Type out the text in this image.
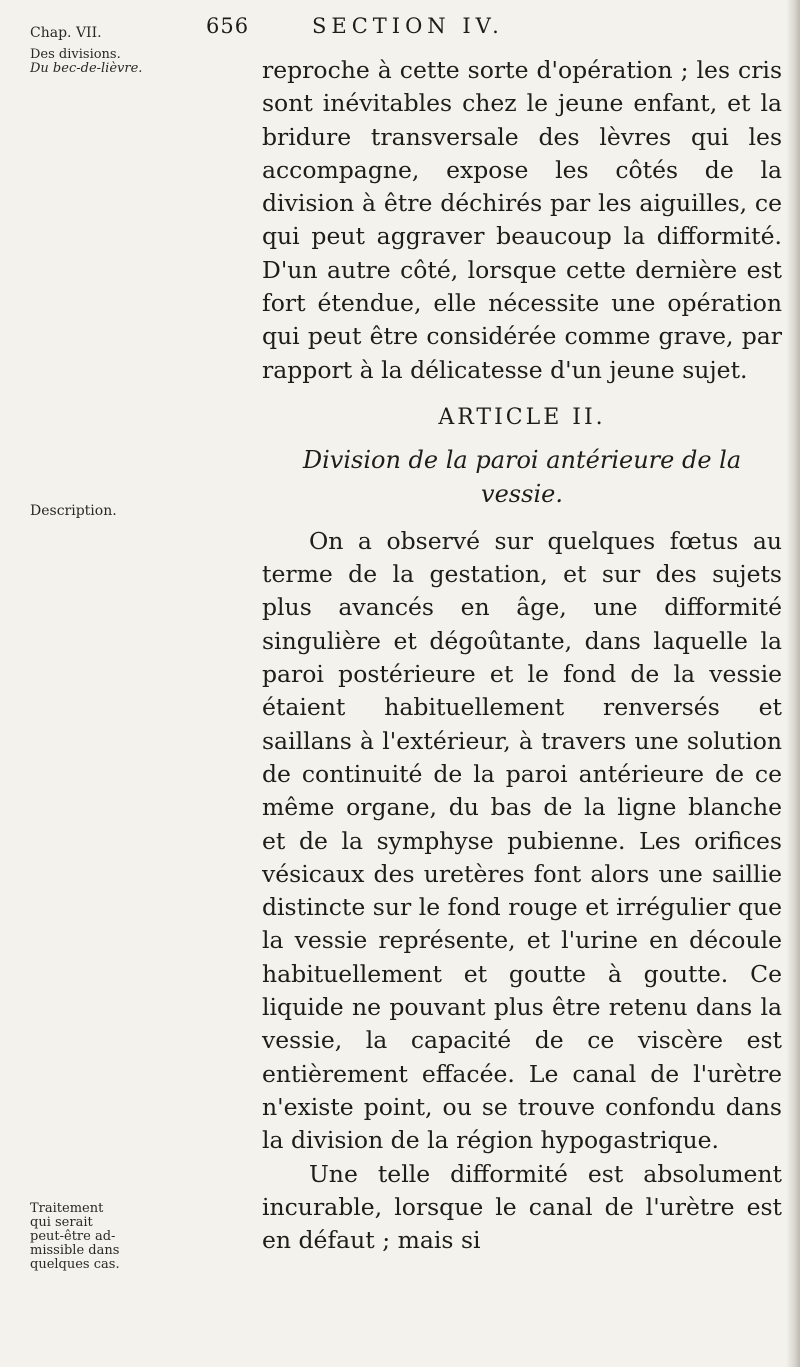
656	SECTION IV.
Chap. VII.
Des divisions.
Du bec-de-lièvre.
Description.
Traitement
qui serait
peut-être ad-
missible dans
quelques cas.

reproche à cette sorte d'opération ; les cris sont inévitables chez le jeune enfant, et la bridure transversale des lèvres qui les accompagne, expose les côtés de la division à être déchirés par les aiguilles, ce qui peut aggraver beaucoup la difformité. D'un autre côté, lorsque cette dernière est fort étendue, elle nécessite une opération qui peut être considérée comme grave, par rapport à la délicatesse d'un jeune sujet.

ARTICLE II.
Division de la paroi antérieure de la vessie.

On a observé sur quelques fœtus au terme de la gestation, et sur des sujets plus avancés en âge, une difformité singulière et dégoûtante, dans laquelle la paroi postérieure et le fond de la vessie étaient habituellement renversés et saillans à l'extérieur, à travers une solution de continuité de la paroi antérieure de ce même organe, du bas de la ligne blanche et de la symphyse pubienne. Les orifices vésicaux des uretères font alors une saillie distincte sur le fond rouge et irrégulier que la vessie représente, et l'urine en découle habituellement et goutte à goutte. Ce liquide ne pouvant plus être retenu dans la vessie, la capacité de ce viscère est entièrement effacée. Le canal de l'urètre n'existe point, ou se trouve confondu dans la division de la région hypogastrique.

Une telle difformité est absolument incurable, lorsque le canal de l'urètre est en défaut ; mais si
